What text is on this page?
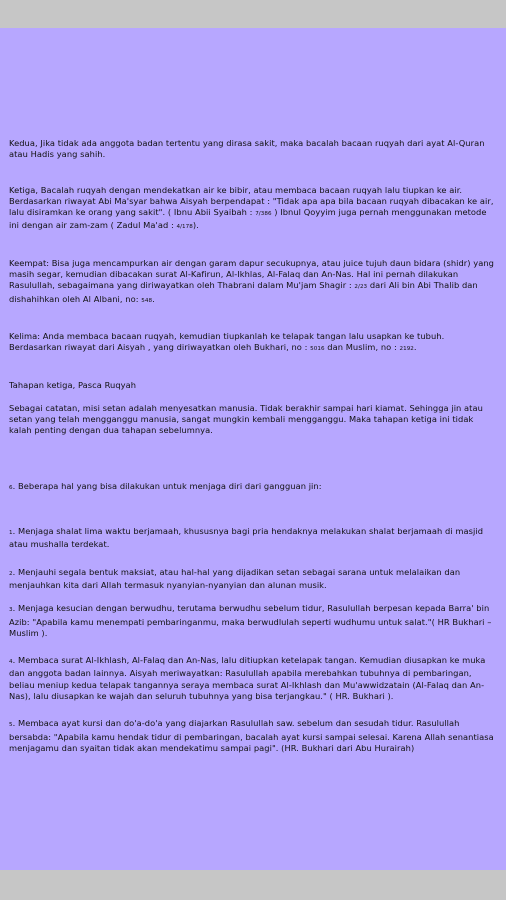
Kedua, Jika tidak ada anggota badan tertentu yang dirasa sakit, maka bacalah bacaan ruqyah dari ayat Al-Quran atau Hadis yang sahih.

Ketiga, Bacalah ruqyah dengan mendekatkan air ke bibir, atau membaca bacaan ruqyah lalu tiupkan ke air. Berdasarkan riwayat Abi Ma'syar bahwa Aisyah berpendapat : "Tidak apa apa bila bacaan ruqyah dibacakan ke air, lalu disiramkan ke orang yang sakit". ( Ibnu Abii Syaibah : 7/386 ) Ibnul Qoyyim juga pernah menggunakan metode ini dengan air zam-zam ( Zadul Ma'ad : 4/178).

Keempat: Bisa juga mencampurkan air dengan garam dapur secukupnya, atau juice tujuh daun bidara (shidr) yang masih segar, kemudian dibacakan surat Al-Kafirun, Al-Ikhlas, Al-Falaq dan An-Nas. Hal ini pernah dilakukan Rasulullah, sebagaimana yang diriwayatkan oleh Thabrani dalam Mu'jam Shagir : 2/23 dari Ali bin Abi Thalib dan dishahihkan oleh Al Albani, no: 548.

Kelima: Anda membaca bacaan ruqyah, kemudian tiupkanlah ke telapak tangan lalu usapkan ke tubuh. Berdasarkan riwayat dari Aisyah , yang diriwayatkan oleh Bukhari, no : 5016 dan Muslim, no : 2192.

Tahapan ketiga, Pasca Ruqyah

Sebagai catatan, misi setan adalah menyesatkan manusia. Tidak berakhir sampai hari kiamat. Sehingga jin atau setan yang telah mengganggu manusia, sangat mungkin kembali mengganggu. Maka tahapan ketiga ini tidak kalah penting dengan dua tahapan sebelumnya.

6. Beberapa hal yang bisa dilakukan untuk menjaga diri dari gangguan jin:

1. Menjaga shalat lima waktu berjamaah, khususnya bagi pria hendaknya melakukan shalat berjamaah di masjid atau mushalla terdekat.

2. Menjauhi segala bentuk maksiat, atau hal-hal yang dijadikan setan sebagai sarana untuk melalaikan dan menjauhkan kita dari Allah termasuk nyanyian-nyanyian dan alunan musik.

3. Menjaga kesucian dengan berwudhu, terutama berwudhu sebelum tidur, Rasulullah berpesan kepada Barra' bin Azib: "Apabila kamu menempati pembaringanmu, maka berwudlulah seperti wudhumu untuk salat."( HR Bukhari – Muslim ).

4. Membaca surat Al-Ikhlash, Al-Falaq dan An-Nas, lalu ditiupkan ketelapak tangan. Kemudian diusapkan ke muka dan anggota badan lainnya. Aisyah meriwayatkan: Rasulullah apabila merebahkan tubuhnya di pembaringan, beliau meniup kedua telapak tangannya seraya membaca surat Al-Ikhlash dan Mu'awwidzatain (Al-Falaq dan An-Nas), lalu diusapkan ke wajah dan seluruh tubuhnya yang bisa terjangkau." ( HR. Bukhari ).

5. Membaca ayat kursi dan do'a-do'a yang diajarkan Rasulullah saw. sebelum dan sesudah tidur. Rasulullah bersabda: "Apabila kamu hendak tidur di pembaringan, bacalah ayat kursi sampai selesai. Karena Allah senantiasa menjagamu dan syaitan tidak akan mendekatimu sampai pagi". (HR. Bukhari dari Abu Hurairah)
